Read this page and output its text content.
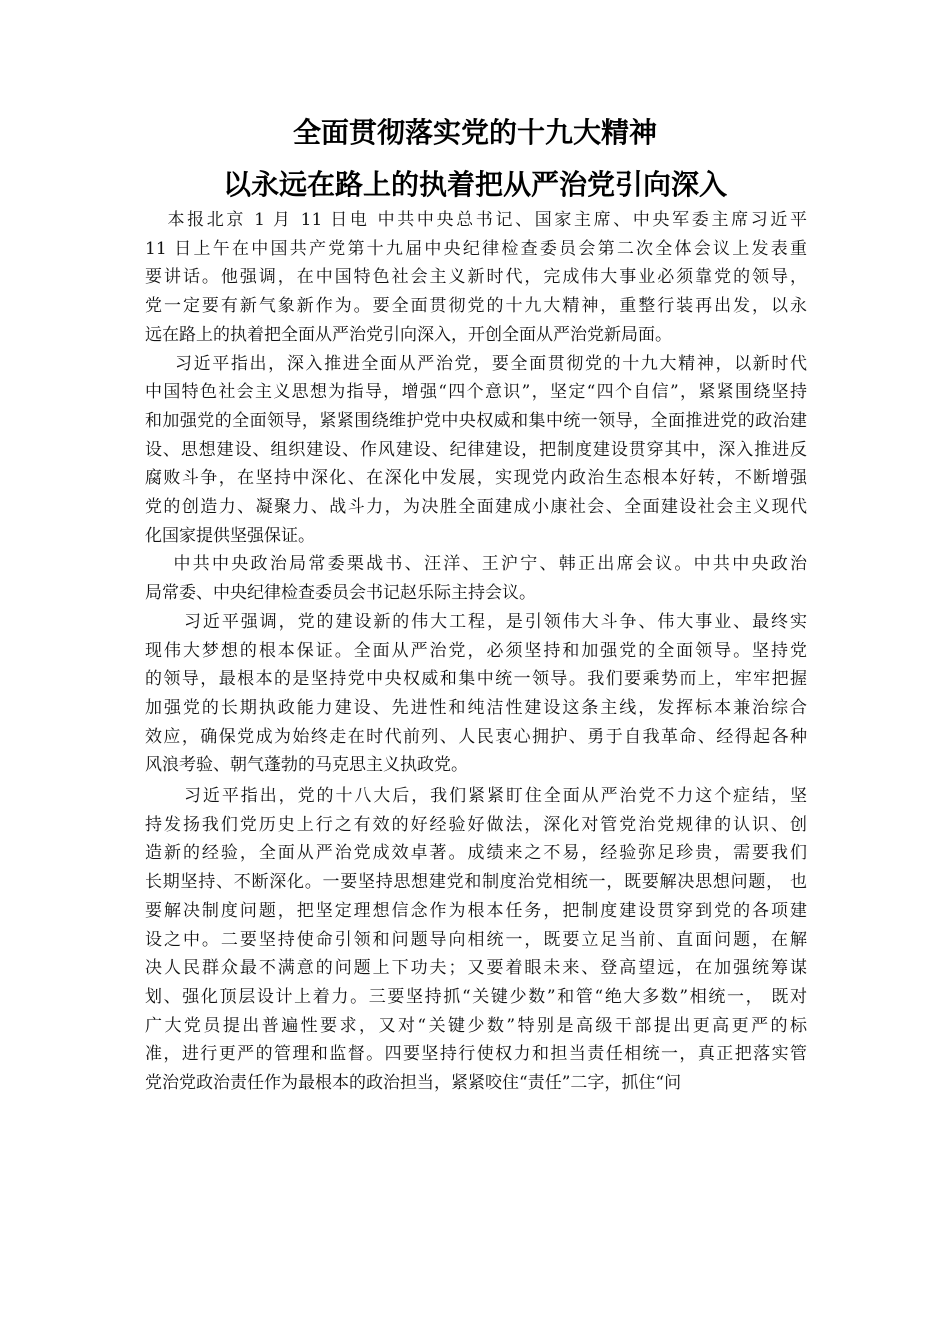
全面贯彻落实党的十九大精神
以永远在路上的执着把从严治党引向深入
本报北京 1 月 11 日电 中共中央总书记、国家主席、中央军委主席习近平
11 日上午在中国共产党第十九届中央纪律检查委员会第二次全体会议上发表重
要讲话。他强调，在中国特色社会主义新时代，完成伟大事业必须靠党的领导，
党一定要有新气象新作为。要全面贯彻党的十九大精神，重整行装再出发，以永
远在路上的执着把全面从严治党引向深入，开创全面从严治党新局面。
习近平指出，深入推进全面从严治党，要全面贯彻党的十九大精神，以新时代
中国特色社会主义思想为指导，增强“四个意识”，坚定“四个自信”，紧紧围绕坚持
和加强党的全面领导，紧紧围绕维护党中央权威和集中统一领导，全面推进党的政治建
设、思想建设、组织建设、作风建设、纪律建设，把制度建设贯穿其中，深入推进反
腐败斗争，在坚持中深化、在深化中发展，实现党内政治生态根本好转，不断增强
党的创造力、凝聚力、战斗力，为决胜全面建成小康社会、全面建设社会主义现代
化国家提供坚强保证。
中共中央政治局常委栗战书、汪洋、王沪宁、韩正出席会议。中共中央政治
局常委、中央纪律检查委员会书记赵乐际主持会议。
习近平强调，党的建设新的伟大工程，是引领伟大斗争、伟大事业、最终实
现伟大梦想的根本保证。全面从严治党，必须坚持和加强党的全面领导。坚持党
的领导，最根本的是坚持党中央权威和集中统一领导。我们要乘势而上，牢牢把握
加强党的长期执政能力建设、先进性和纯洁性建设这条主线，发挥标本兼治综合
效应，确保党成为始终走在时代前列、人民衷心拥护、勇于自我革命、经得起各种
风浪考验、朝气蓬勃的马克思主义执政党。
习近平指出，党的十八大后，我们紧紧盯住全面从严治党不力这个症结，坚
持发扬我们党历史上行之有效的好经验好做法，深化对管党治党规律的认识、创
造新的经验，全面从严治党成效卓著。成绩来之不易，经验弥足珍贵，需要我们
长期坚持、不断深化。一要坚持思想建党和制度治党相统一，既要解决思想问题， 也
要解决制度问题，把坚定理想信念作为根本任务，把制度建设贯穿到党的各项建
设之中。二要坚持使命引领和问题导向相统一，既要立足当前、直面问题，在解
决人民群众最不满意的问题上下功夫；又要着眼未来、登高望远，在加强统筹谋
划、强化顶层设计上着力。三要坚持抓“关键少数”和管“绝大多数”相统一， 既对
广大党员提出普遍性要求，又对“关键少数”特别是高级干部提出更高更严的标
准，进行更严的管理和监督。四要坚持行使权力和担当责任相统一，真正把落实管
党治党政治责任作为最根本的政治担当，紧紧咬住“责任”二字，抓住“问
